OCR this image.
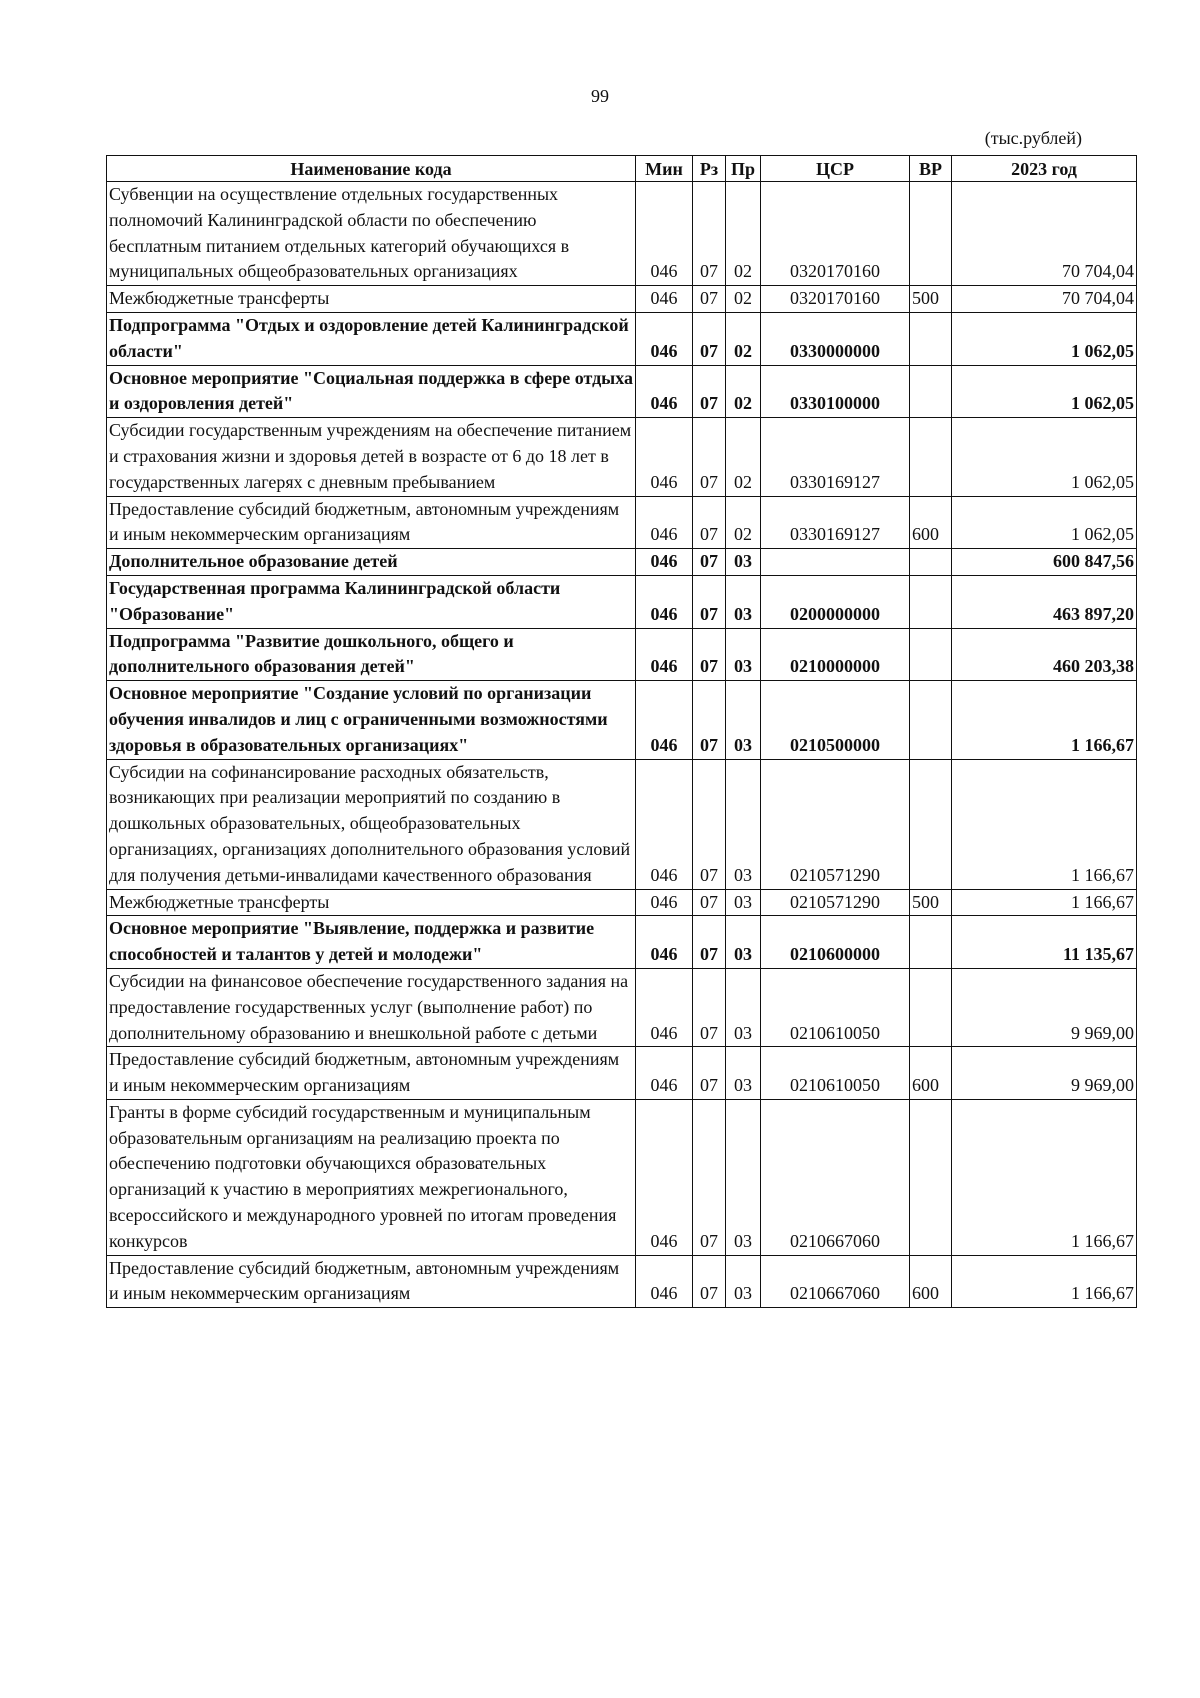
99
(тыс.рублей)
Наименование кода	Мин	Рз	Пр	ЦСР	ВР	2023 год
Субвенции на осуществление отдельных государственных полномочий Калининградской области по обеспечению бесплатным питанием отдельных категорий обучающихся в муниципальных общеобразовательных организациях	046	07	02	0320170160		70 704,04
Межбюджетные трансферты	046	07	02	0320170160	500	70 704,04
Подпрограмма "Отдых и оздоровление детей Калининградской области"	046	07	02	0330000000		1 062,05
Основное мероприятие "Социальная поддержка в сфере отдыха и оздоровления детей"	046	07	02	0330100000		1 062,05
Субсидии государственным учреждениям на обеспечение питанием и страхования жизни и здоровья детей в возрасте от 6 до 18 лет в государственных лагерях с дневным пребыванием	046	07	02	0330169127		1 062,05
Предоставление субсидий бюджетным, автономным учреждениям и иным некоммерческим организациям	046	07	02	0330169127	600	1 062,05
Дополнительное образование детей	046	07	03			600 847,56
Государственная программа Калининградской области "Образование"	046	07	03	0200000000		463 897,20
Подпрограмма "Развитие дошкольного, общего и дополнительного образования детей"	046	07	03	0210000000		460 203,38
Основное мероприятие "Создание условий по организации обучения инвалидов и лиц с ограниченными возможностями здоровья в образовательных организациях"	046	07	03	0210500000		1 166,67
Субсидии на софинансирование расходных обязательств, возникающих при реализации мероприятий по созданию в дошкольных образовательных, общеобразовательных организациях, организациях дополнительного образования условий для получения детьми-инвалидами качественного образования	046	07	03	0210571290		1 166,67
Межбюджетные трансферты	046	07	03	0210571290	500	1 166,67
Основное мероприятие "Выявление, поддержка и развитие способностей и талантов у детей и молодежи"	046	07	03	0210600000		11 135,67
Субсидии на финансовое обеспечение государственного задания на предоставление государственных услуг (выполнение работ) по дополнительному образованию и внешкольной работе с детьми	046	07	03	0210610050		9 969,00
Предоставление субсидий бюджетным, автономным учреждениям и иным некоммерческим организациям	046	07	03	0210610050	600	9 969,00
Гранты в форме субсидий государственным и муниципальным образовательным организациям на реализацию проекта по обеспечению подготовки обучающихся образовательных организаций к участию в мероприятиях межрегионального, всероссийского и международного уровней по итогам проведения конкурсов	046	07	03	0210667060		1 166,67
Предоставление субсидий бюджетным, автономным учреждениям и иным некоммерческим организациям	046	07	03	0210667060	600	1 166,67
